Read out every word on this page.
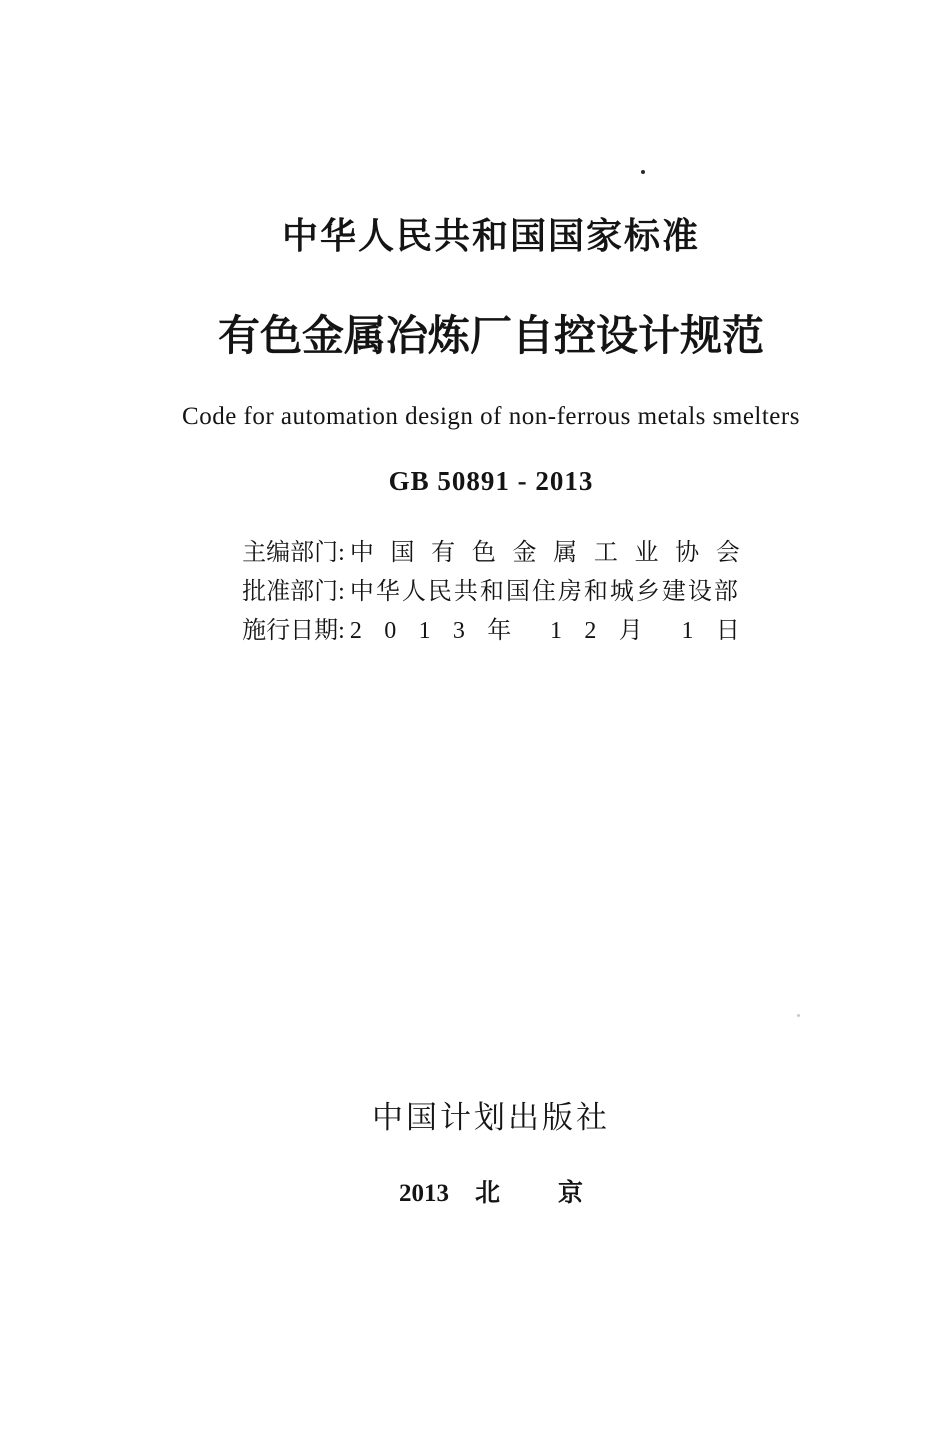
中华人民共和国国家标准
有色金属冶炼厂自控设计规范
Code for automation design of non-ferrous metals smelters
GB 50891 - 2013
主编部门: 中 国 有 色 金 属 工 业 协 会
批准部门: 中华人民共和国住房和城乡建设部
施行日期: 2 0 1 3 年 1 2 月 1 日
中国计划出版社
2013 北 京
